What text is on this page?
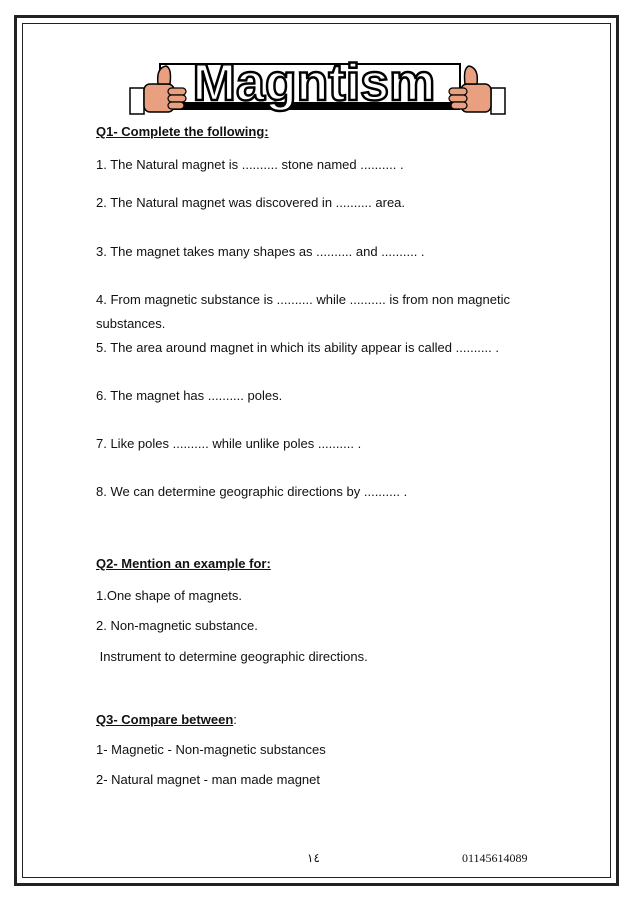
Magntism
Q1- Complete the following:
1. The Natural magnet is .......... stone named .......... .
2. The Natural magnet was discovered in .......... area.
3. The magnet takes many shapes as .......... and .......... .
4. From magnetic substance is .......... while .......... is from non magnetic
substances.
5. The area around magnet in which its ability appear is called .......... .
6. The magnet has .......... poles.
7. Like poles .......... while unlike poles .......... .
8. We can determine geographic directions by .......... .
Q2- Mention an example for:
1.One shape of magnets.
2. Non-magnetic substance.
Instrument to determine geographic directions.
Q3- Compare between:
1- Magnetic - Non-magnetic substances
2- Natural magnet - man made magnet
١٤	01145614089
